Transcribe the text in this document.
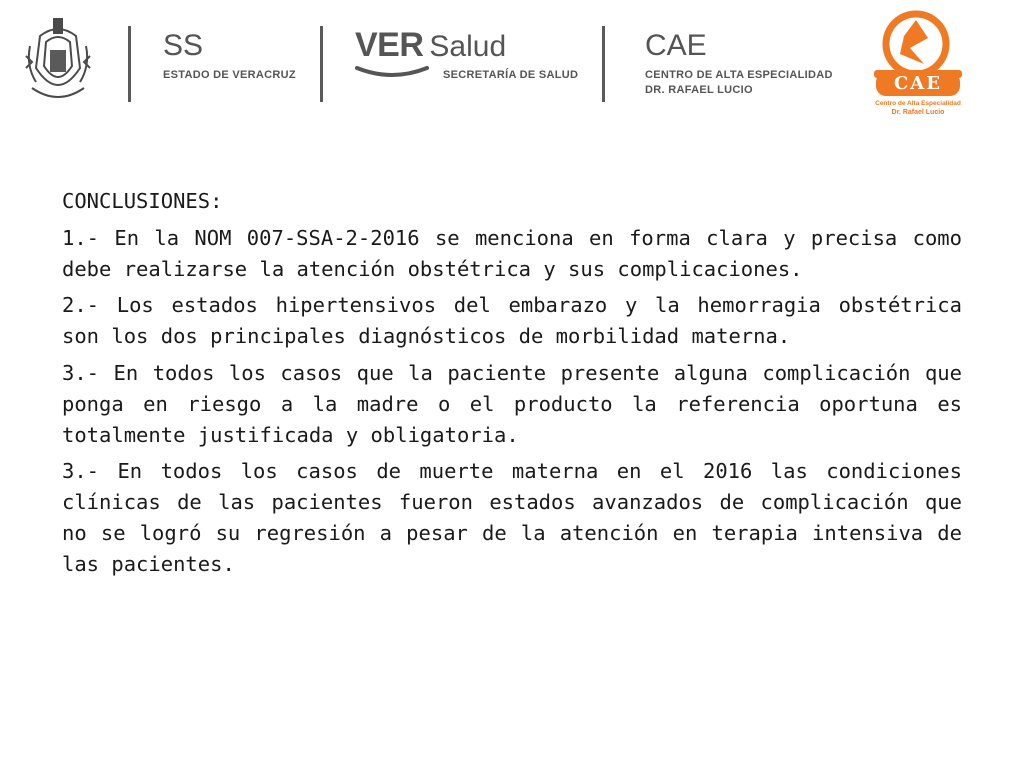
SS
ESTADO DE VERACRUZ
VER Salud
SECRETARÍA DE SALUD
CAE
CENTRO DE ALTA ESPECIALIDAD
DR. RAFAEL LUCIO	CAE
Centro de Alta Especialidad
Dr. Rafael Lucio

CONCLUSIONES:

1.- En la NOM 007-SSA-2-2016 se menciona en forma clara y precisa como debe realizarse la atención obstétrica y sus complicaciones.

2.- Los estados hipertensivos del embarazo y la hemorragia obstétrica son los dos principales diagnósticos de morbilidad materna.

3.- En todos los casos que la paciente presente alguna complicación que ponga en riesgo a la madre o el producto la referencia oportuna es totalmente justificada y obligatoria.

3.- En todos los casos de muerte materna en el 2016 las condiciones clínicas de las pacientes fueron estados avanzados de complicación que no se logró su regresión a pesar de la atención en terapia intensiva de las pacientes.
